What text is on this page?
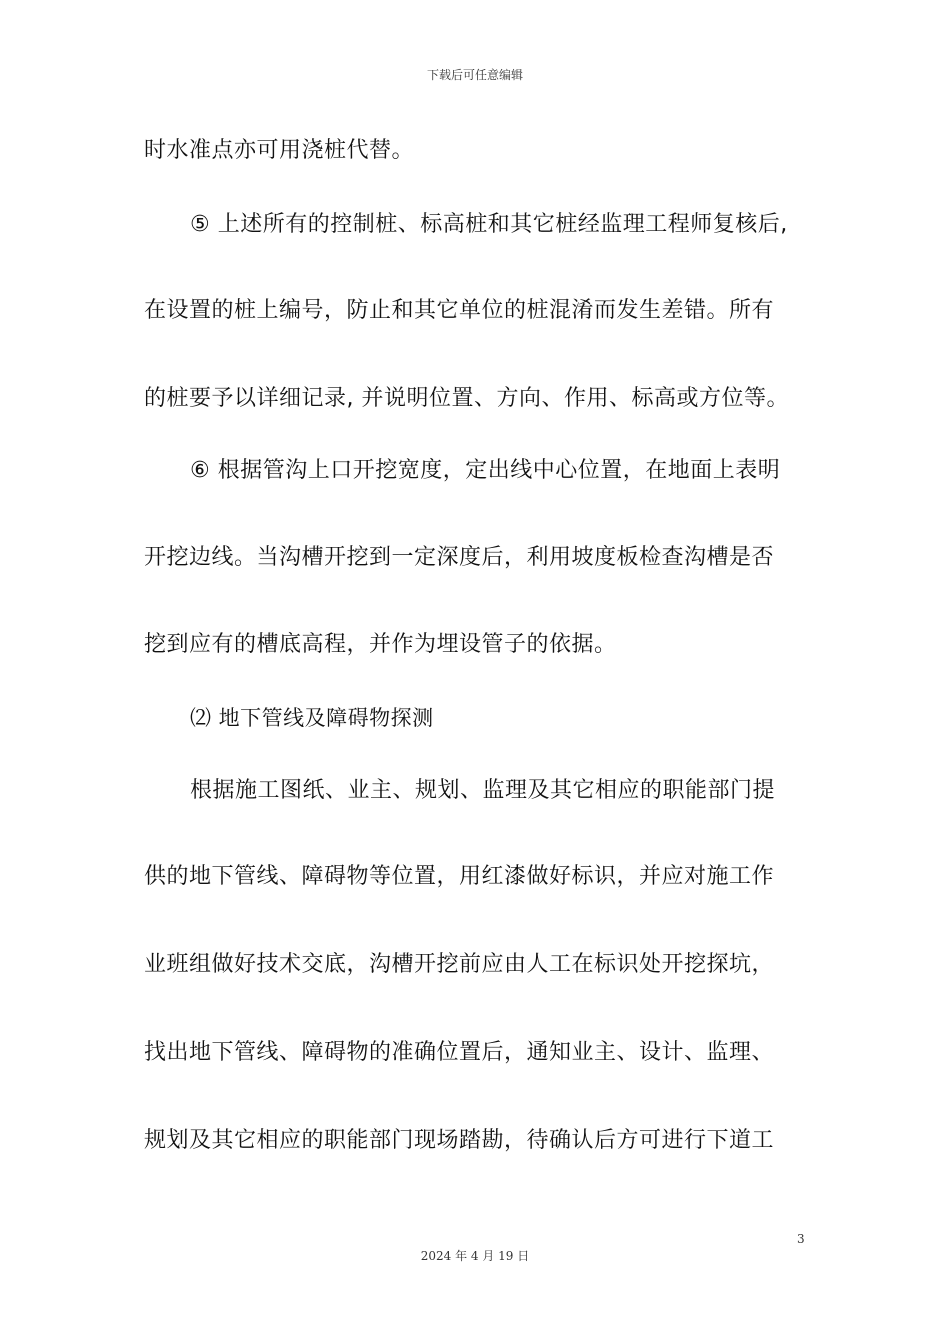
下载后可任意编辑
时水准点亦可用浇桩代替。
⑤ 上述所有的控制桩、标高桩和其它桩经监理工程师复核后,
在设置的桩上编号，防止和其它单位的桩混淆而发生差错。所有
的桩要予以详细记录, 并说明位置、方向、作用、标高或方位等。
⑥ 根据管沟上口开挖宽度，定出线中心位置，在地面上表明
开挖边线。当沟槽开挖到一定深度后，利用坡度板检查沟槽是否
挖到应有的槽底高程，并作为埋设管子的依据。
⑵ 地下管线及障碍物探测
根据施工图纸、业主、规划、监理及其它相应的职能部门提
供的地下管线、障碍物等位置，用红漆做好标识，并应对施工作
业班组做好技术交底，沟槽开挖前应由人工在标识处开挖探坑，
找出地下管线、障碍物的准确位置后，通知业主、设计、监理、
规划及其它相应的职能部门现场踏勘，待确认后方可进行下道工
3
2024 年 4 月 19 日
